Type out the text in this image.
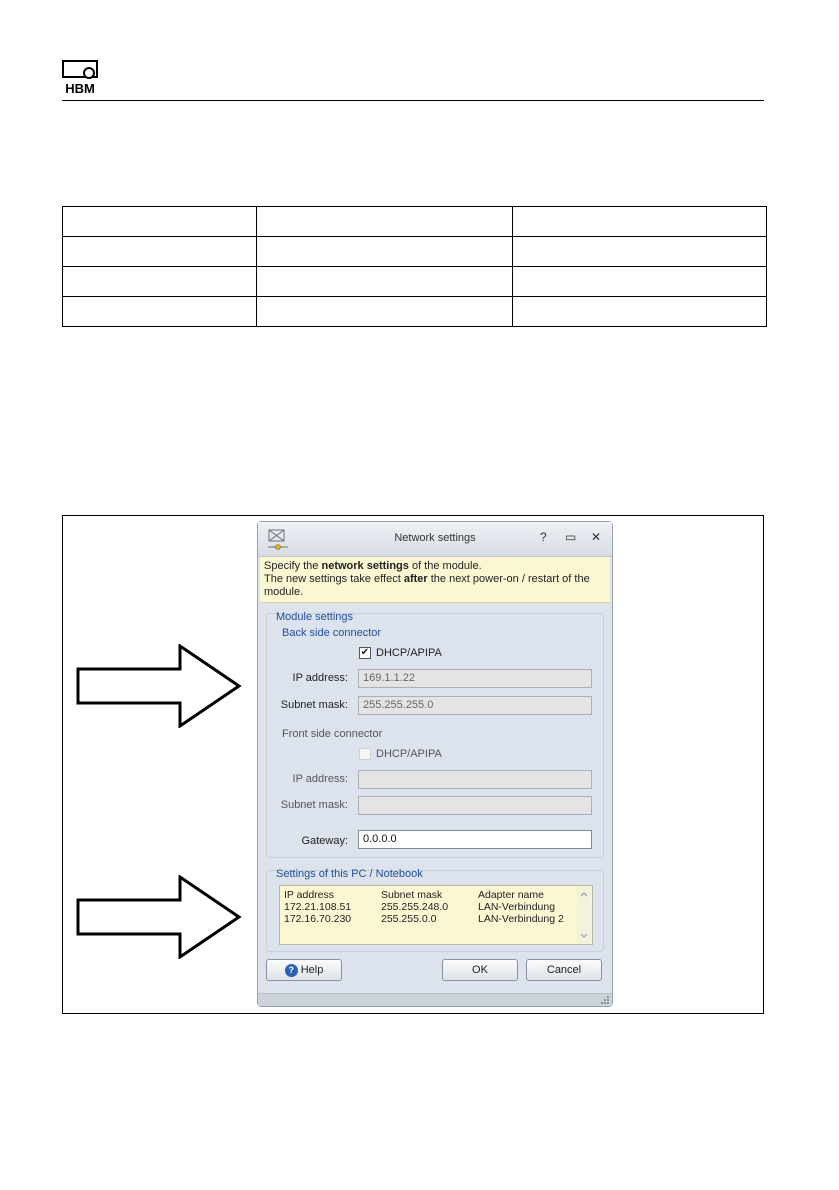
HBM

Network settings	? ▭ ✕
Specify the network settings of the module.
The new settings take effect after the next power-on / restart of the module.
Module settings
Back side connector
✔ DHCP/APIPA
IP address:	169.1.1.22
Subnet mask:	255.255.255.0
Front side connector
DHCP/APIPA
IP address:
Subnet mask:
Gateway:	0.0.0.0
Settings of this PC / Notebook
IP address	Subnet mask	Adapter name
172.21.108.51	255.255.248.0	LAN-Verbindung
172.16.70.230	255.255.0.0	LAN-Verbindung 2
? Help	OK	Cancel
